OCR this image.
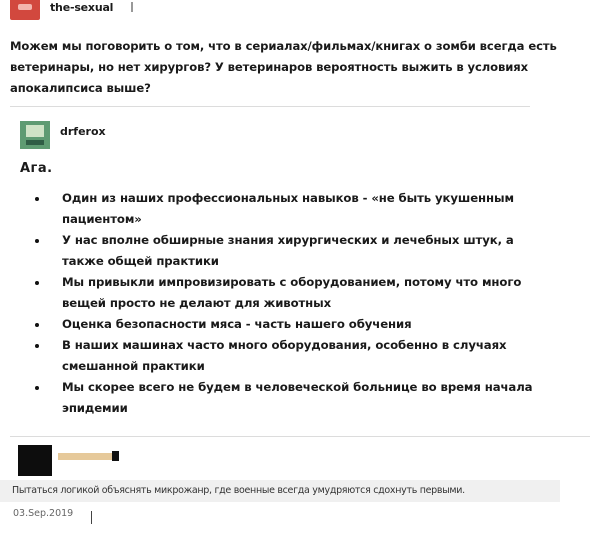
the-sexual
Можем мы поговорить о том, что в сериалах/фильмах/книгах о зомби всегда есть ветеринары, но нет хирургов? У ветеринаров вероятность выжить в условиях апокалипсиса выше?
drferox
Ага.
Один из наших профессиональных навыков - «не быть укушенным пациентом»
У нас вполне обширные знания хирургических и лечебных штук, а также общей практики
Мы привыкли импровизировать с оборудованием, потому что много вещей просто не делают для животных
Оценка безопасности мяса - часть нашего обучения
В наших машинах часто много оборудования, особенно в случаях смешанной практики
Мы скорее всего не будем в человеческой больнице во время начала эпидемии
Пытаться логикой объяснять микрожанр, где военные всегда умудряются сдохнуть первыми.
03.Sep.2019
